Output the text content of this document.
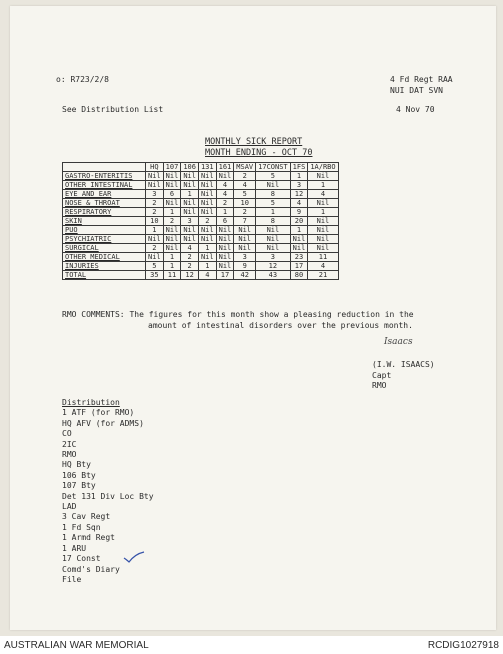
o: R723/2/8	4 Fd Regt RAA
NUI DAT SVN
See Distribution List	4 Nov 70
MONTHLY SICK REPORT
MONTH ENDING - OCT 70
	HQ	107	106	131	161	MSAV	17CONST	1FS	1A/RBO
GASTRO-ENTERITIS	Nil	Nil	Nil	Nil	Nil	2	5	1	Nil
OTHER INTESTINAL	Nil	Nil	Nil	Nil	4	4	Nil	3	1
EYE AND EAR	3	6	1	Nil	4	5	8	12	4
NOSE & THROAT	2	Nil	Nil	Nil	2	10	5	4	Nil
RESPIRATORY	2	1	Nil	Nil	1	2	1	9	1
SKIN	10	2	3	2	6	7	8	20	Nil
PUO	1	Nil	Nil	Nil	Nil	Nil	Nil	1	Nil
PSYCHIATRIC	Nil	Nil	Nil	Nil	Nil	Nil	Nil	Nil	Nil
SURGICAL	2	Nil	4	1	Nil	Nil	Nil	Nil	Nil
OTHER MEDICAL	Nil	1	2	Nil	Nil	3	3	23	11
INJURIES	5	1	2	1	Nil	9	12	17	4
TOTAL	35	11	12	4	17	42	43	80	21
RMO COMMENTS: The figures for this month show a pleasing reduction in the
amount of intestinal disorders over the previous month.
Isaacs
(I.W. ISAACS)
Capt
RMO
Distribution
1 ATF (for RMO)
HQ AFV (for ADMS)
CO
2IC
RMO
HQ Bty
106 Bty
107 Bty
Det 131 Div Loc Bty
LAD
3 Cav Regt
1 Fd Sqn
1 Armd Regt
1 ARU
17 Const
Comd's Diary
File
AUSTRALIAN WAR MEMORIAL	RCDIG1027918
